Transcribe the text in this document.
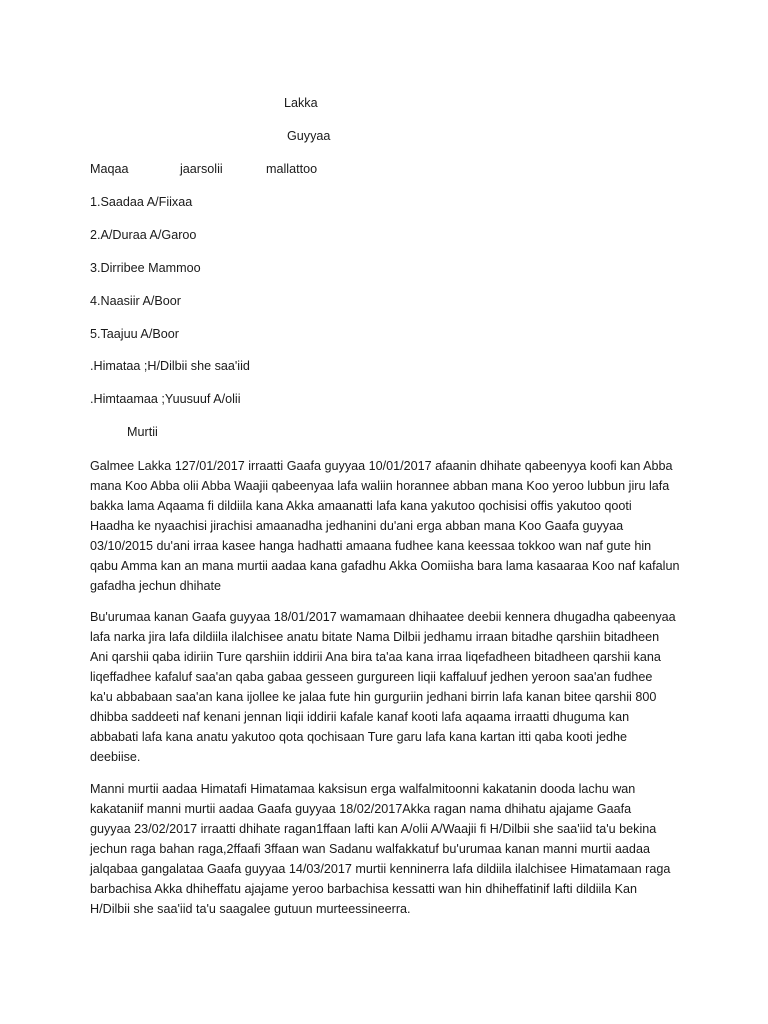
Lakka
Guyyaa
Maqaa	jaarsolii	mallattoo
1.Saadaa A/Fiixaa
2.A/Duraa A/Garoo
3.Dirribee Mammoo
4.Naasiir A/Boor
5.Taajuu A/Boor
.Himataa ;H/Dilbii she saa'iid
.Himtaamaa ;Yuusuuf A/olii
Murtii
Galmee Lakka 127/01/2017 irraatti Gaafa guyyaa 10/01/2017 afaanin dhihate qabeenyya koofi kan Abba
mana Koo Abba olii Abba Waajii qabeenyaa lafa waliin horannee abban mana Koo yeroo lubbun jiru lafa
bakka lama Aqaama fi dildiila kana Akka amaanatti lafa kana yakutoo qochisisi offis yakutoo qooti
Haadha ke nyaachisi jirachisi amaanadha jedhanini du'ani erga abban mana Koo Gaafa guyyaa
03/10/2015 du'ani irraa kasee hanga hadhatti amaana fudhee kana keessaa tokkoo wan naf gute hin
qabu Amma kan an mana murtii aadaa kana gafadhu Akka Oomiisha bara lama kasaaraa Koo naf kafalun
gafadha jechun dhihate
Bu'urumaa kanan Gaafa guyyaa 18/01/2017 wamamaan dhihaatee deebii kennera dhugadha qabeenyaa
lafa narka jira lafa dildiila ilalchisee anatu bitate Nama Dilbii jedhamu irraan bitadhe qarshiin bitadheen
Ani qarshii qaba idiriin Ture qarshiin iddirii Ana bira ta'aa kana irraa liqefadheen bitadheen qarshii kana
liqeffadhee kafaluf saa'an qaba gabaa gesseen gurgureen liqii kaffaluuf jedhen yeroon saa'an fudhee
ka'u abbabaan saa'an kana ijollee ke jalaa fute hin gurguriin jedhani birrin lafa kanan bitee qarshii 800
dhibba saddeeti naf kenani jennan liqii iddirii kafale kanaf kooti lafa aqaama irraatti dhuguma kan
abbabati lafa kana anatu yakutoo qota qochisaan Ture garu lafa kana kartan itti qaba kooti jedhe
deebiise.
Manni murtii aadaa Himatafi Himatamaa kaksisun erga walfalmitoonni kakatanin dooda lachu wan
kakataniif manni murtii aadaa Gaafa guyyaa 18/02/2017Akka ragan nama dhihatu ajajame Gaafa
guyyaa 23/02/2017 irraatti dhihate ragan1ffaan lafti kan A/olii A/Waajii fi H/Dilbii she saa'iid ta'u bekina
jechun raga bahan raga,2ffaafi 3ffaan wan Sadanu walfakkatuf bu'urumaa kanan manni murtii aadaa
jalqabaa gangalataa Gaafa guyyaa 14/03/2017 murtii kenninerra lafa dildiila ilalchisee Himatamaan raga
barbachisa Akka dhiheffatu ajajame yeroo barbachisa kessatti wan hin dhiheffatinif lafti dildiila Kan
H/Dilbii she saa'iid ta'u saagalee gutuun murteessineerra.
